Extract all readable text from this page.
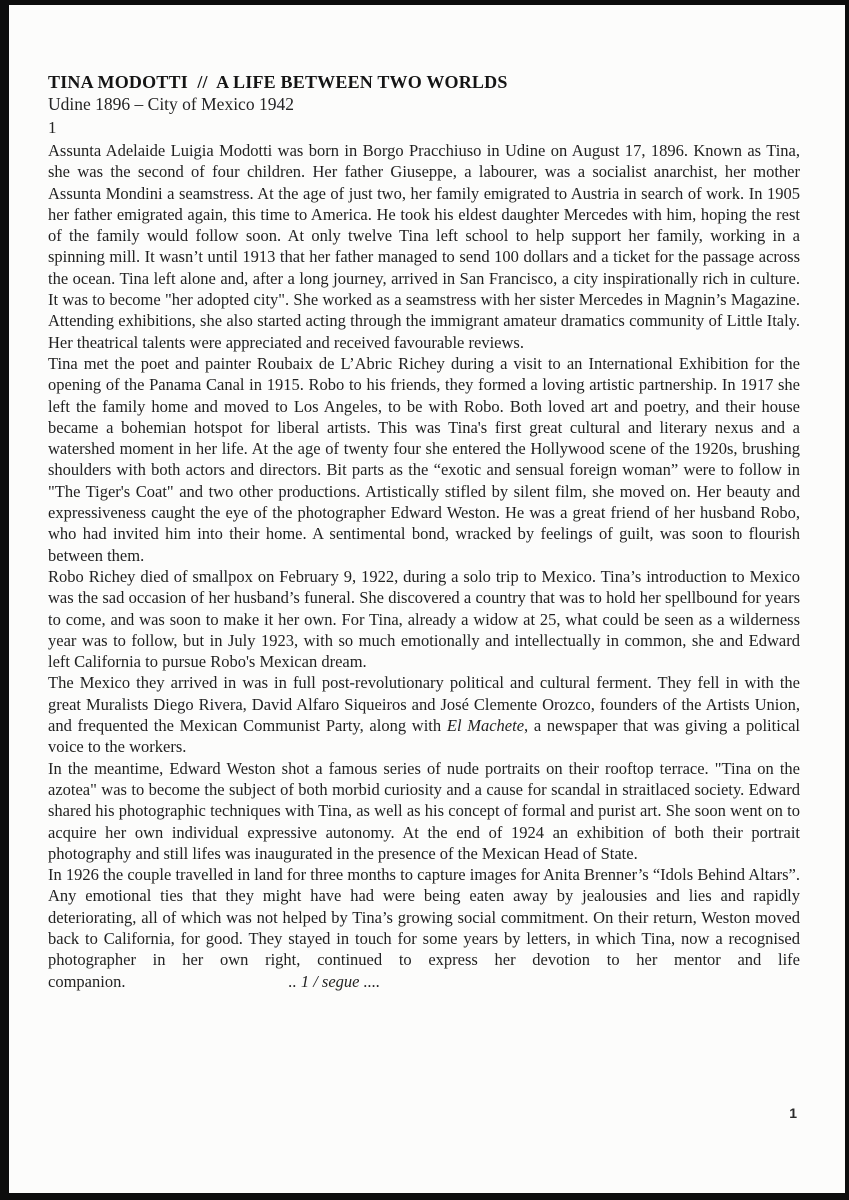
TINA MODOTTI  //  A LIFE BETWEEN TWO WORLDS
Udine 1896 – City of Mexico 1942
1

Assunta Adelaide Luigia Modotti was born in Borgo Pracchiuso in Udine on August 17, 1896. Known as Tina, she was the second of four children. Her father Giuseppe, a labourer, was a socialist anarchist, her mother Assunta Mondini a seamstress. At the age of just two, her family emigrated to Austria in search of work. In 1905 her father emigrated again, this time to America. He took his eldest daughter Mercedes with him, hoping the rest of the family would follow soon. At only twelve Tina left school to help support her family, working in a spinning mill. It wasn’t until 1913 that her father managed to send 100 dollars and a ticket for the passage across the ocean. Tina left alone and, after a long journey, arrived in San Francisco, a city inspirationally rich in culture. It was to become "her adopted city". She worked as a seamstress with her sister Mercedes in Magnin’s Magazine. Attending exhibitions, she also started acting through the immigrant amateur dramatics community of Little Italy. Her theatrical talents were appreciated and received favourable reviews.

Tina met the poet and painter Roubaix de L’Abric Richey during a visit to an International Exhibition for the opening of the Panama Canal in 1915. Robo to his friends, they formed a loving artistic partnership. In 1917 she left the family home and moved to Los Angeles, to be with Robo. Both loved art and poetry, and their house became a bohemian hotspot for liberal artists. This was Tina's first great cultural and literary nexus and a watershed moment in her life. At the age of twenty four she entered the Hollywood scene of the 1920s, brushing shoulders with both actors and directors. Bit parts as the “exotic and sensual foreign woman” were to follow in "The Tiger's Coat" and two other productions. Artistically stifled by silent film, she moved on. Her beauty and expressiveness caught the eye of the photographer Edward Weston. He was a great friend of her husband Robo, who had invited him into their home. A sentimental bond, wracked by feelings of guilt, was soon to flourish between them.

Robo Richey died of smallpox on February 9, 1922, during a solo trip to Mexico. Tina’s introduction to Mexico was the sad occasion of her husband’s funeral. She discovered a country that was to hold her spellbound for years to come, and was soon to make it her own. For Tina, already a widow at 25, what could be seen as a wilderness year was to follow, but in July 1923, with so much emotionally and intellectually in common, she and Edward left California to pursue Robo's Mexican dream.

The Mexico they arrived in was in full post-revolutionary political and cultural ferment. They fell in with the great Muralists Diego Rivera, David Alfaro Siqueiros and José Clemente Orozco, founders of the Artists Union, and frequented the Mexican Communist Party, along with El Machete, a newspaper that was giving a political voice to the workers.

In the meantime, Edward Weston shot a famous series of nude portraits on their rooftop terrace. "Tina on the azotea" was to become the subject of both morbid curiosity and a cause for scandal in straitlaced society. Edward shared his photographic techniques with Tina, as well as his concept of formal and purist art. She soon went on to acquire her own individual expressive autonomy. At the end of 1924 an exhibition of both their portrait photography and still lifes was inaugurated in the presence of the Mexican Head of State.

In 1926 the couple travelled in land for three months to capture images for Anita Brenner’s “Idols Behind Altars”. Any emotional ties that they might have had were being eaten away by jealousies and lies and rapidly deteriorating, all of which was not helped by Tina’s growing social commitment. On their return, Weston moved back to California, for good. They stayed in touch for some years by letters, in which Tina, now a recognised photographer in her own right, continued to express her devotion to her mentor and life companion.	.. 1 / segue ....

1
